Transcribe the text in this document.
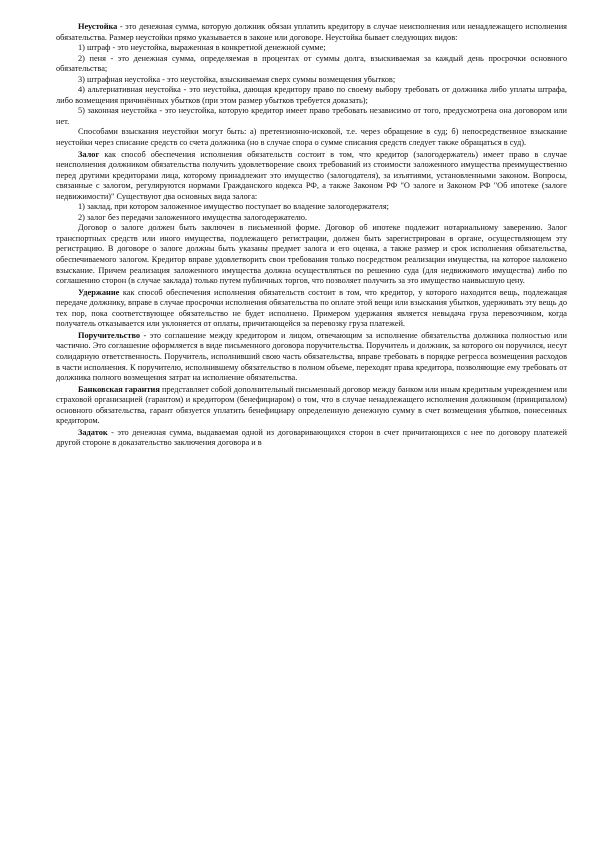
Неустойка - это денежная сумма, которую должник обязан уплатить кредитору в случае неисполнения или ненадлежащего исполнения обязательства. Размер неустойки прямо указывается в законе или договоре. Неустойка бывает следующих видов:

1) штраф - это неустойка, выраженная в конкретной денежной сумме;

2) пеня - это денежная сумма, определяемая в процентах от суммы долга, взыскиваемая за каждый день просрочки основного обязательства;

3) штрафная неустойка - это неустойка, взыскиваемая сверх суммы возмещения убытков;

4) альтернативная неустойка - это неустойка, дающая кредитору право по своему выбору требовать от должника либо уплаты штрафа, либо возмещения причинённых убытков (при этом размер убытков требуется доказать);

5) законная неустойка - это неустойка, которую кредитор имеет право требовать независимо от того, предусмотрена она договором или нет.

Способами взыскания неустойки могут быть: а) претензионно-исковой, т.е. через обращение в суд; б) непосредственное взыскание неустойки через списание средств со счета должника (но в случае спора о сумме списания средств следует также обращаться в суд).

Залог как способ обеспечения исполнения обязательств состоит в том, что кредитор (залогодержатель) имеет право в случае неисполнения должником обязательства получить удовлетворение своих требований из стоимости заложенного имущества преимущественно перед другими кредиторами лица, которому принадлежит это имущество (залогодателя), за изъятиями, установленными законом. Вопросы, связанные с залогом, регулируются нормами Гражданского кодекса РФ, а также Законом РФ "О залоге и Законом РФ "Об ипотеке (залоге недвижимости)" Существуют два основных вида залога:

1) заклад, при котором заложенное имущество поступает во владение залогодержателя;

2) залог без передачи заложенного имущества залогодержателю.

Договор о залоге должен быть заключен в письменной форме. Договор об ипотеке подлежит нотариальному заверению. Залог транспортных средств или иного имущества, подлежащего регистрации, должен быть зарегистрирован в органе, осуществляющем эту регистрацию. В договоре о залоге должны быть указаны предмет залога и его оценка, а также размер и срок исполнения обязательства, обеспечиваемого залогом. Кредитор вправе удовлетворить свои требования только посредством реализации имущества, на которое наложено взыскание. Причем реализация заложенного имущества должна осуществляться по решению суда (для недвижимого имущества) либо по соглашению сторон (в случае заклада) только путем публичных торгов, что позволяет получить за это имущество наивысшую цену.

Удержание как способ обеспечения исполнения обязательств состоит в том, что кредитор, у которого находится вещь, подлежащая передаче должнику, вправе в случае просрочки исполнения обязательства по оплате этой вещи или взыскания убытков, удерживать эту вещь до тех пор, пока соответствующее обязательство не будет исполнено. Примером удержания является невыдача груза перевозчиком, когда получатель отказывается или уклоняется от оплаты, причитающейся за перевозку груза платежей.

Поручительство - это соглашение между кредитором и лицом, отвечающим за исполнение обязательства должника полностью или частично. Это соглашение оформляется в виде письменного договора поручительства. Поручитель и должник, за которого он поручился, несут солидарную ответственность. Поручитель, исполнивший свою часть обязательства, вправе требовать в порядке регресса возмещения расходов в части исполнения. К поручителю, исполнившему обязательство в полном объеме, переходят права кредитора, позволяющие ему требовать от должника полного возмещения затрат на исполнение обязательства.

Банковская гарантия представляет собой дополнительный письменный договор между банком или иным кредитным учреждением или страховой организацией (гарантом) и кредитором (бенефициаром) о том, что в случае ненадлежащего исполнения должником (принципалом) основного обязательства, гарант обязуется уплатить бенефициару определенную денежную сумму в счет возмещения убытков, понесенных кредитором.

Задаток - это денежная сумма, выдаваемая одной из договаривающихся сторон в счет причитающихся с нее по договору платежей другой стороне в доказательство заключения договора и в
